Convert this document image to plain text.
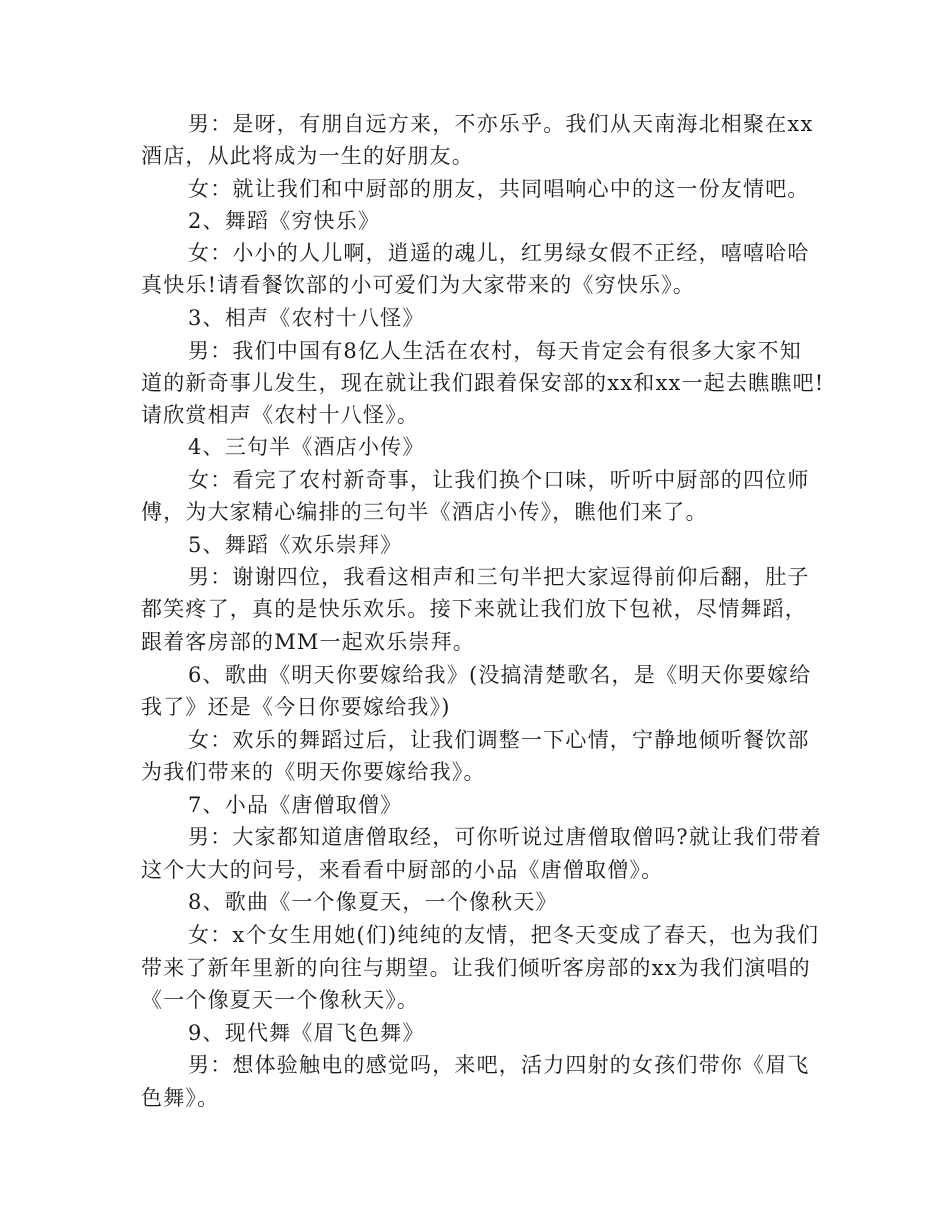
男：是呀，有朋自远方来，不亦乐乎。我们从天南海北相聚在xx
酒店，从此将成为一生的好朋友。
女：就让我们和中厨部的朋友，共同唱响心中的这一份友情吧。
2、舞蹈《穷快乐》
女：小小的人儿啊，逍遥的魂儿，红男绿女假不正经，嘻嘻哈哈
真快乐!请看餐饮部的小可爱们为大家带来的《穷快乐》。
3、相声《农村十八怪》
男：我们中国有8亿人生活在农村，每天肯定会有很多大家不知
道的新奇事儿发生，现在就让我们跟着保安部的xx和xx一起去瞧瞧吧!
请欣赏相声《农村十八怪》。
4、三句半《酒店小传》
女：看完了农村新奇事，让我们换个口味，听听中厨部的四位师
傅，为大家精心编排的三句半《酒店小传》，瞧他们来了。
5、舞蹈《欢乐崇拜》
男：谢谢四位，我看这相声和三句半把大家逗得前仰后翻，肚子
都笑疼了，真的是快乐欢乐。接下来就让我们放下包袱，尽情舞蹈，
跟着客房部的MM一起欢乐崇拜。
6、歌曲《明天你要嫁给我》(没搞清楚歌名，是《明天你要嫁给
我了》还是《今日你要嫁给我》)
女：欢乐的舞蹈过后，让我们调整一下心情，宁静地倾听餐饮部
为我们带来的《明天你要嫁给我》。
7、小品《唐僧取僧》
男：大家都知道唐僧取经，可你听说过唐僧取僧吗?就让我们带着
这个大大的问号，来看看中厨部的小品《唐僧取僧》。
8、歌曲《一个像夏天，一个像秋天》
女：x个女生用她(们)纯纯的友情，把冬天变成了春天，也为我们
带来了新年里新的向往与期望。让我们倾听客房部的xx为我们演唱的
《一个像夏天一个像秋天》。
9、现代舞《眉飞色舞》
男：想体验触电的感觉吗，来吧，活力四射的女孩们带你《眉飞
色舞》。
